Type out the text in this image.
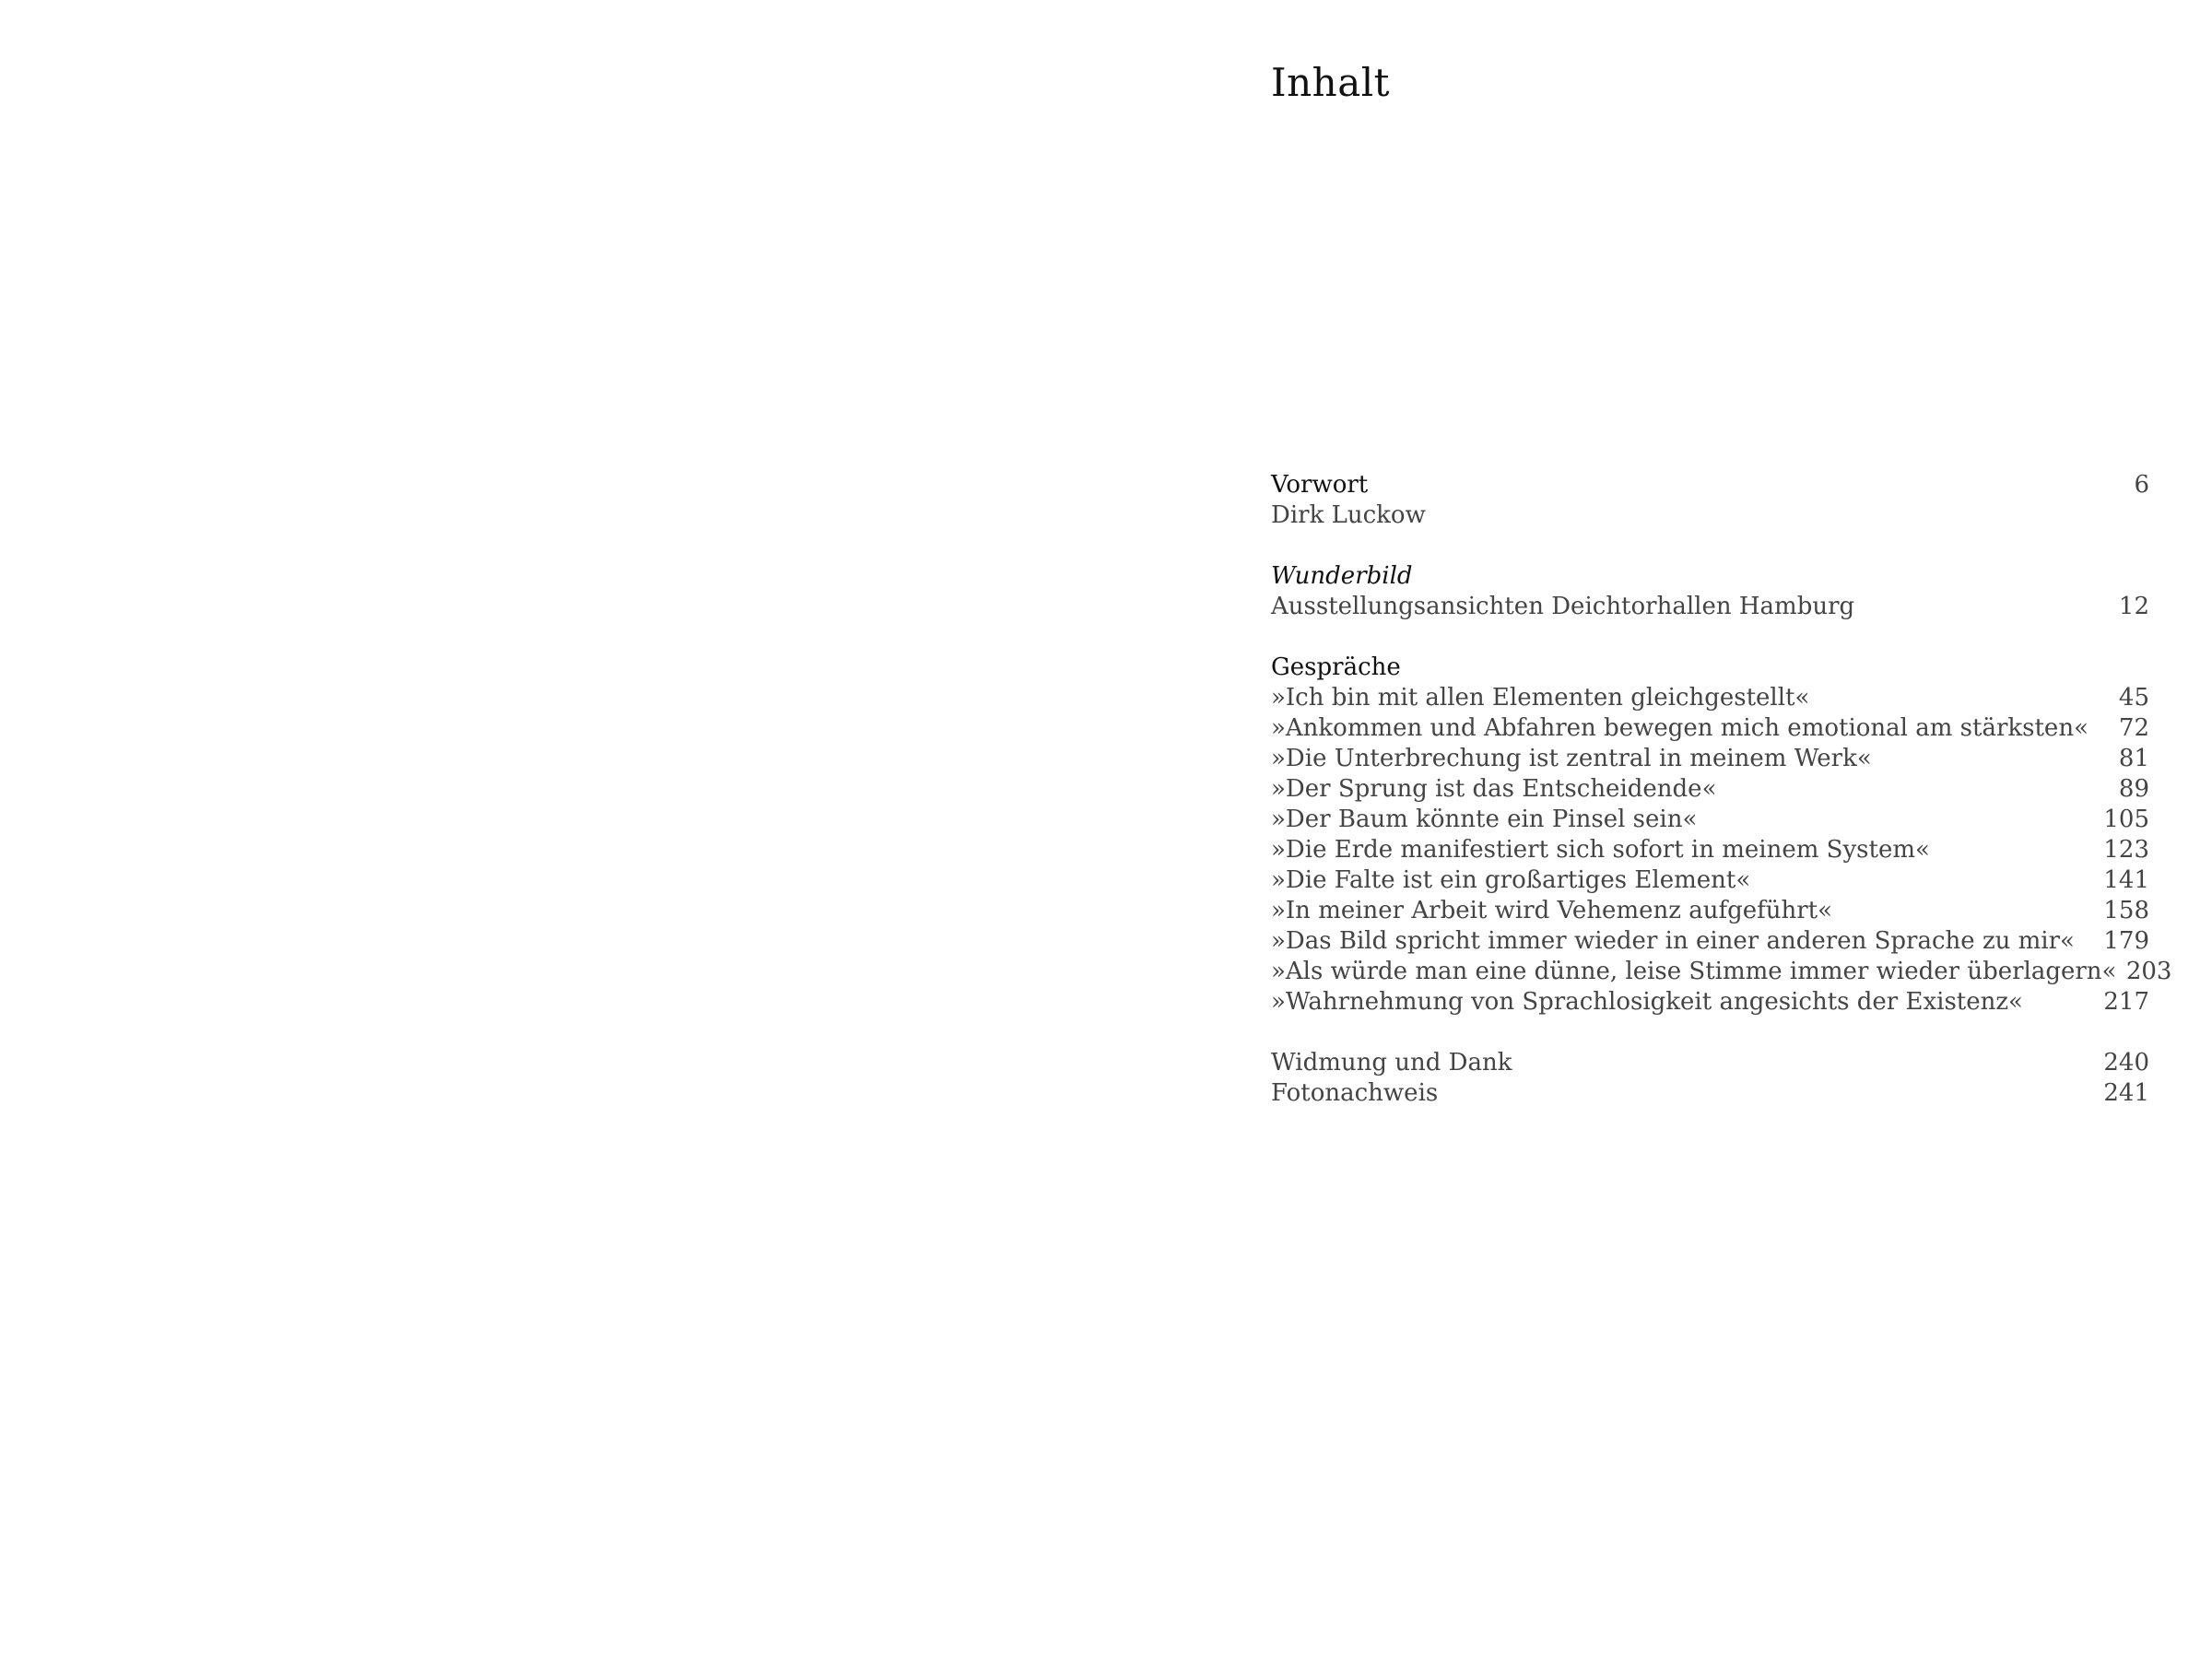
Inhalt
Vorwort	6
Dirk Luckow
Wunderbild
Ausstellungsansichten Deichtorhallen Hamburg	12
Gespräche
»Ich bin mit allen Elementen gleichgestellt«	45
»Ankommen und Abfahren bewegen mich emotional am stärksten«	72
»Die Unterbrechung ist zentral in meinem Werk«	81
»Der Sprung ist das Entscheidende«	89
»Der Baum könnte ein Pinsel sein«	105
»Die Erde manifestiert sich sofort in meinem System«	123
»Die Falte ist ein großartiges Element«	141
»In meiner Arbeit wird Vehemenz aufgeführt«	158
»Das Bild spricht immer wieder in einer anderen Sprache zu mir«	179
»Als würde man eine dünne, leise Stimme immer wieder überlagern« 203
»Wahrnehmung von Sprachlosigkeit angesichts der Existenz«	217
Widmung und Dank	240
Fotonachweis	241
